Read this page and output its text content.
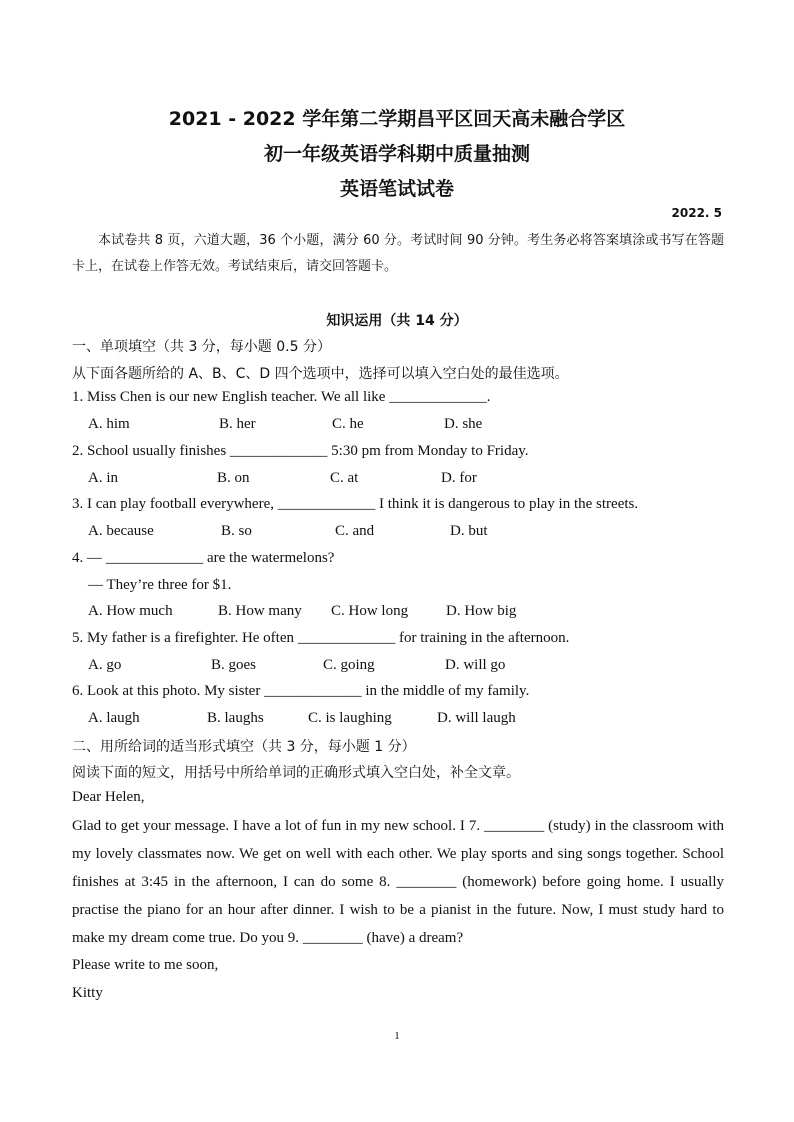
2021 - 2022 学年第二学期昌平区回天高未融合学区
初一年级英语学科期中质量抽测
英语笔试试卷
2022. 5
本试卷共 8 页，六道大题，36 个小题，满分 60 分。考试时间 90 分钟。考生务必将答案填涂或书写在答题卡上，在试卷上作答无效。考试结束后，请交回答题卡。
知识运用（共 14 分）
一、单项填空（共 3 分，每小题 0.5 分）
从下面各题所给的 A、B、C、D 四个选项中，选择可以填入空白处的最佳选项。
1. Miss Chen is our new English teacher. We all like _____________.
A. him	B. her	C. he	D. she
2. School usually finishes _____________ 5:30 pm from Monday to Friday.
A. in	B. on	C. at	D. for
3. I can play football everywhere, _____________ I think it is dangerous to play in the streets.
A. because	B. so	C. and	D. but
4. — _____________ are the watermelons?
— They’re three for $1.
A. How much	B. How many C. How long	D. How big
5. My father is a firefighter. He often _____________ for training in the afternoon.
A. go	B. goes	C. going	D. will go
6. Look at this photo. My sister _____________ in the middle of my family.
A. laugh	B. laughs	C. is laughing	D. will laugh
二、用所给词的适当形式填空（共 3 分，每小题 1 分）
阅读下面的短文，用括号中所给单词的正确形式填入空白处，补全文章。
Dear Helen,
Glad to get your message. I have a lot of fun in my new school. I 7. ________ (study) in the classroom with my lovely classmates now. We get on well with each other. We play sports and sing songs together. School finishes at 3:45 in the afternoon, I can do some 8. ________ (homework) before going home. I usually practise the piano for an hour after dinner. I wish to be a pianist in the future. Now, I must study hard to make my dream come true. Do you 9. ________ (have) a dream?
Please write to me soon,
Kitty
1
